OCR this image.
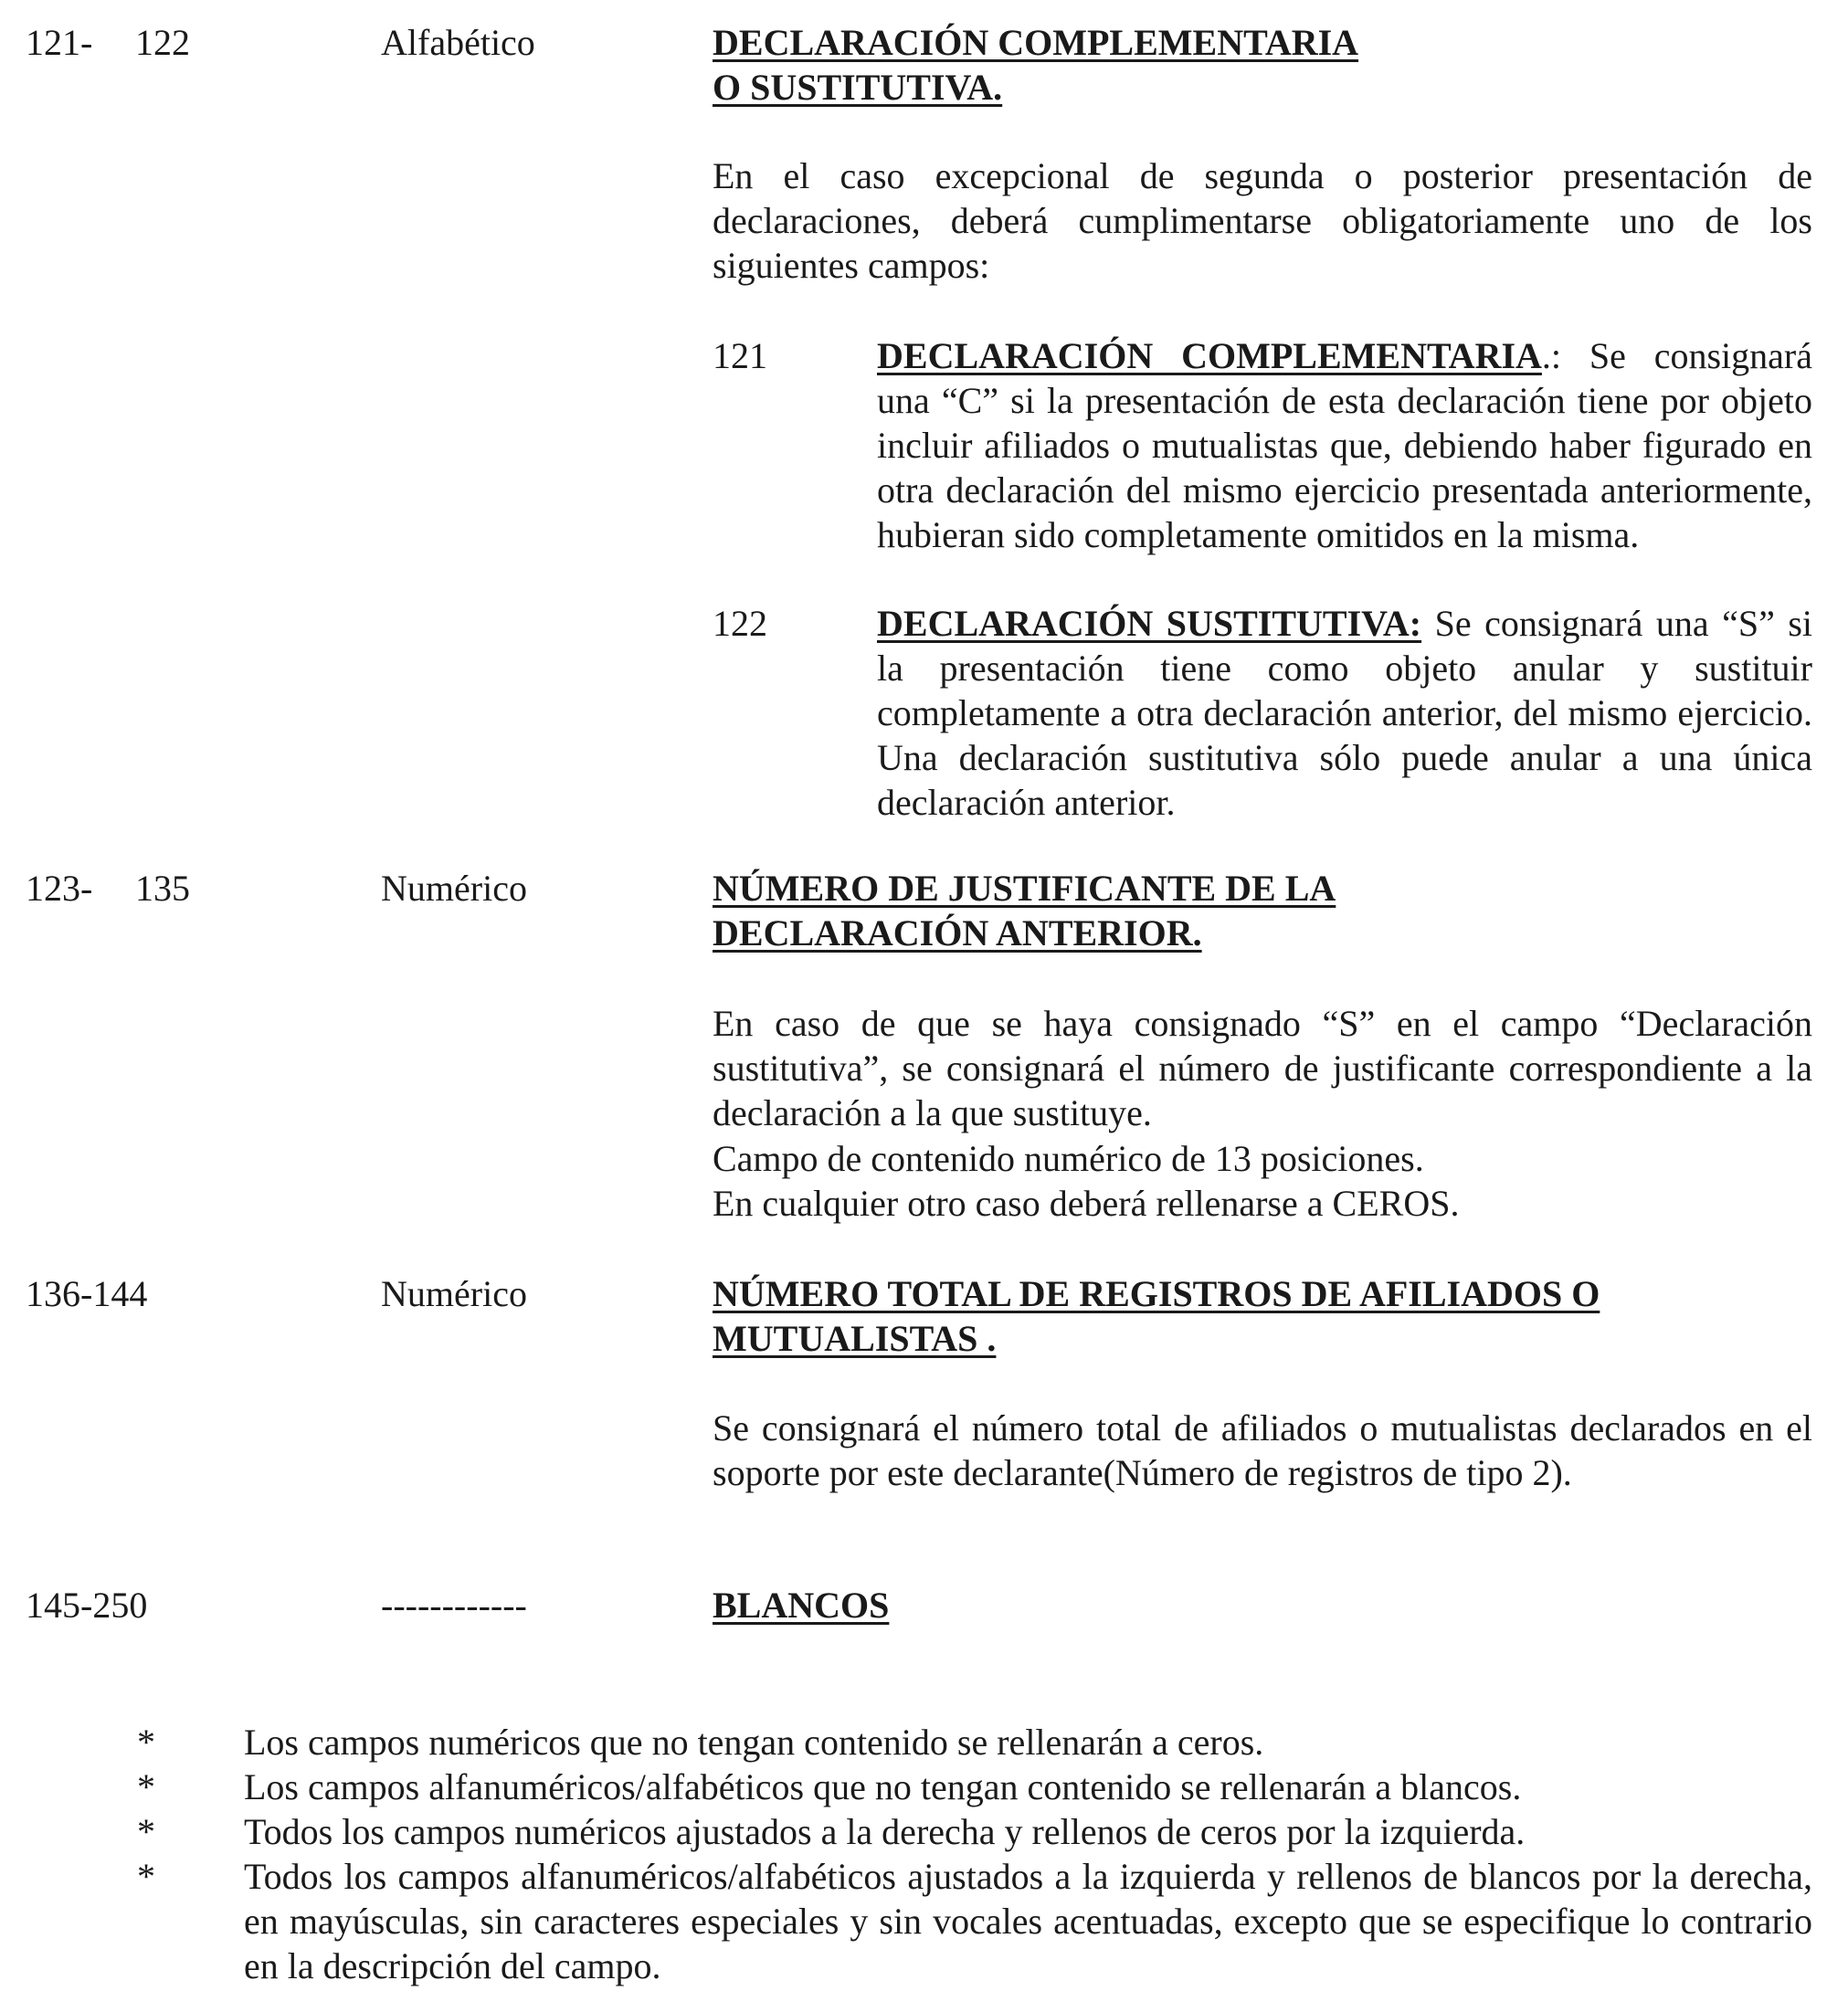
121- 122	Alfabético	DECLARACIÓN COMPLEMENTARIA
O SUSTITUTIVA.
En el caso excepcional de segunda o posterior presentación de declaraciones, deberá cumplimentarse obligatoriamente uno de los siguientes campos:
121	DECLARACIÓN COMPLEMENTARIA.: Se consignará una “C” si la presentación de esta declaración tiene por objeto incluir afiliados o mutualistas que, debiendo haber figurado en otra declaración del mismo ejercicio presentada anteriormente, hubieran sido completamente omitidos en la misma.
122	DECLARACIÓN SUSTITUTIVA: Se consignará una “S” si la presentación tiene como objeto anular y sustituir completamente a otra declaración anterior, del mismo ejercicio. Una declaración sustitutiva sólo puede anular a una única declaración anterior.
123- 135	Numérico	NÚMERO DE JUSTIFICANTE DE LA
DECLARACIÓN ANTERIOR.
En caso de que se haya consignado “S” en el campo “Declaración sustitutiva”, se consignará el número de justificante correspondiente a la declaración a la que sustituye.
Campo de contenido numérico de 13 posiciones.
En cualquier otro caso deberá rellenarse a CEROS.
136-144	Numérico	NÚMERO TOTAL DE REGISTROS DE AFILIADOS O
MUTUALISTAS .
Se consignará el número total de afiliados o mutualistas declarados en el soporte por este declarante(Número de registros de tipo 2).
145-250	------------	BLANCOS
* Los campos numéricos que no tengan contenido se rellenarán a ceros.
* Los campos alfanuméricos/alfabéticos que no tengan contenido se rellenarán a blancos.
* Todos los campos numéricos ajustados a la derecha y rellenos de ceros por la izquierda.
* Todos los campos alfanuméricos/alfabéticos ajustados a la izquierda y rellenos de blancos por la derecha, en mayúsculas, sin caracteres especiales y sin vocales acentuadas, excepto que se especifique lo contrario en la descripción del campo.
